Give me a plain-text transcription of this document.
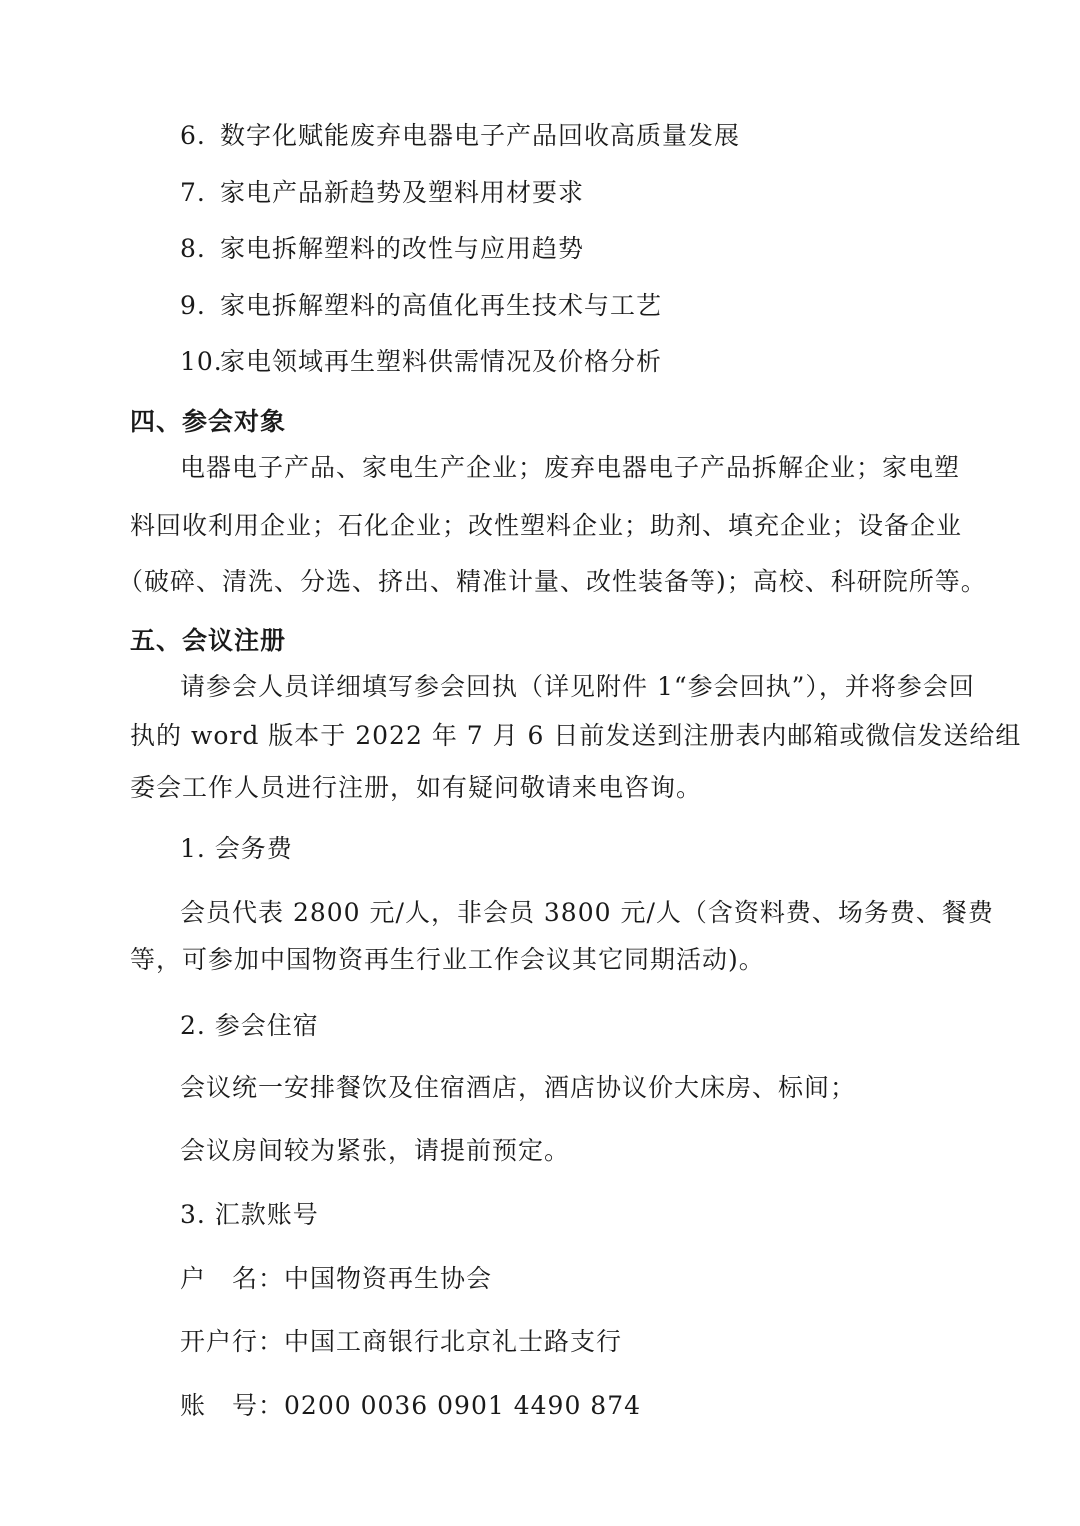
6. 数字化赋能废弃电器电子产品回收高质量发展
7. 家电产品新趋势及塑料用材要求
8. 家电拆解塑料的改性与应用趋势
9. 家电拆解塑料的高值化再生技术与工艺
10.家电领域再生塑料供需情况及价格分析
四、参会对象
电器电子产品、家电生产企业；废弃电器电子产品拆解企业；家电塑
料回收利用企业；石化企业；改性塑料企业；助剂、填充企业；设备企业
（破碎、清洗、分选、挤出、精准计量、改性装备等)；高校、科研院所等。
五、会议注册
请参会人员详细填写参会回执（详见附件 1“参会回执”），并将参会回
执的 word 版本于 2022 年 7 月 6 日前发送到注册表内邮箱或微信发送给组
委会工作人员进行注册，如有疑问敬请来电咨询。
1. 会务费
会员代表 2800 元/人，非会员 3800 元/人（含资料费、场务费、餐费
等，可参加中国物资再生行业工作会议其它同期活动)。
2. 参会住宿
会议统一安排餐饮及住宿酒店，酒店协议价大床房、标间；
会议房间较为紧张，请提前预定。
3. 汇款账号
户　名：中国物资再生协会
开户行：中国工商银行北京礼士路支行
账　号：0200 0036 0901 4490 874
